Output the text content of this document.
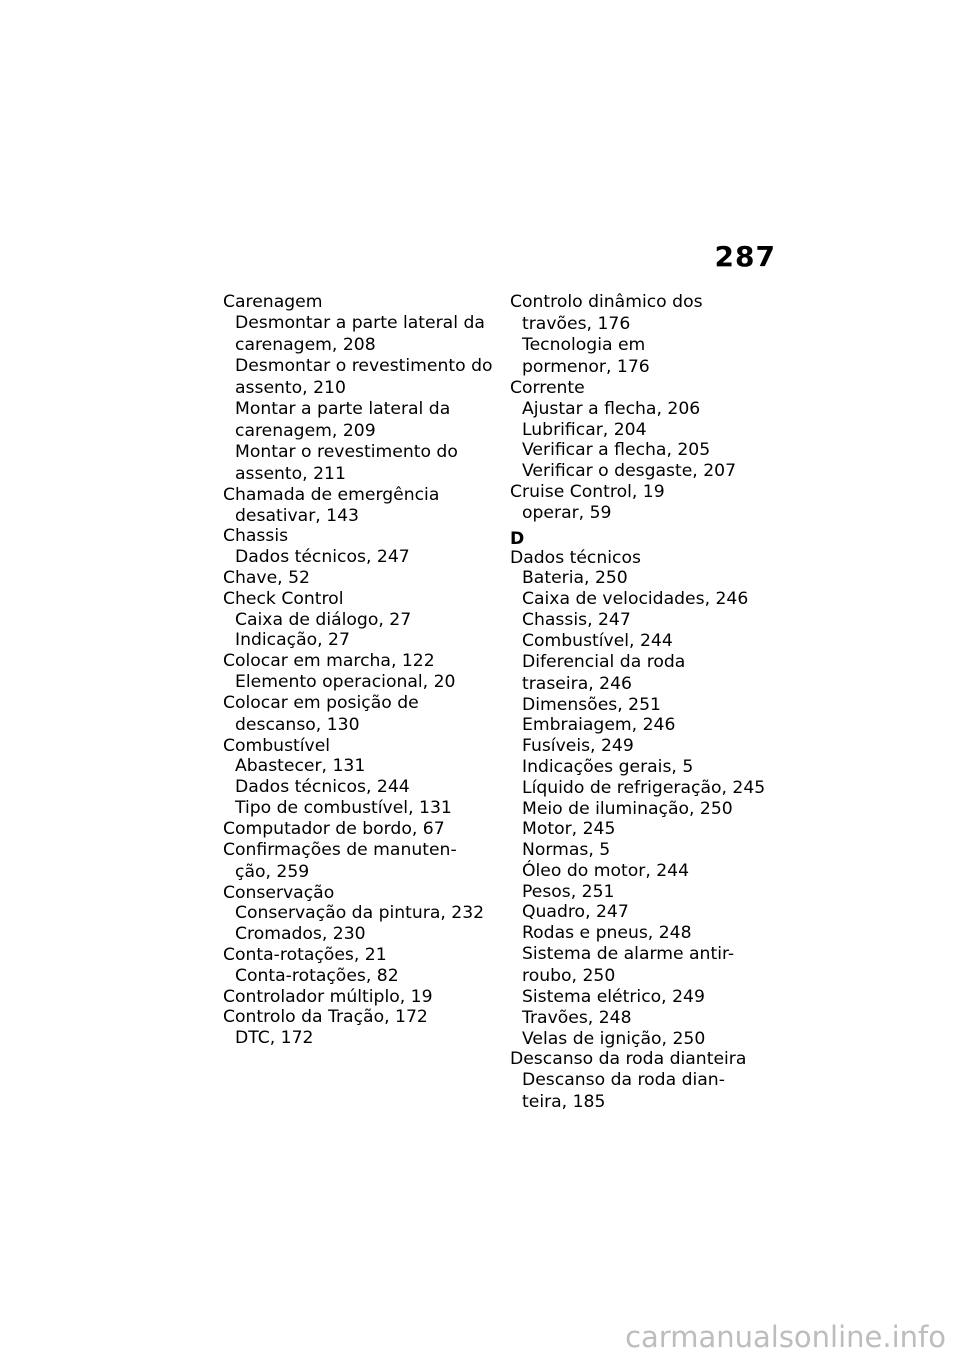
287
Carenagem
Desmontar a parte lateral da
carenagem, 208
Desmontar o revestimento do
assento, 210
Montar a parte lateral da
carenagem, 209
Montar o revestimento do
assento, 211
Chamada de emergência
desativar, 143
Chassis
Dados técnicos, 247
Chave, 52
Check Control
Caixa de diálogo, 27
Indicação, 27
Colocar em marcha, 122
Elemento operacional, 20
Colocar em posição de
descanso, 130
Combustível
Abastecer, 131
Dados técnicos, 244
Tipo de combustível, 131
Computador de bordo, 67
Confirmações de manuten-
ção, 259
Conservação
Conservação da pintura, 232
Cromados, 230
Conta-rotações, 21
Conta-rotações, 82
Controlador múltiplo, 19
Controlo da Tração, 172
DTC, 172
Controlo dinâmico dos
travões, 176
Tecnologia em
pormenor, 176
Corrente
Ajustar a flecha, 206
Lubrificar, 204
Verificar a flecha, 205
Verificar o desgaste, 207
Cruise Control, 19
operar, 59
D
Dados técnicos
Bateria, 250
Caixa de velocidades, 246
Chassis, 247
Combustível, 244
Diferencial da roda
traseira, 246
Dimensões, 251
Embraiagem, 246
Fusíveis, 249
Indicações gerais, 5
Líquido de refrigeração, 245
Meio de iluminação, 250
Motor, 245
Normas, 5
Óleo do motor, 244
Pesos, 251
Quadro, 247
Rodas e pneus, 248
Sistema de alarme antir-
roubo, 250
Sistema elétrico, 249
Travões, 248
Velas de ignição, 250
Descanso da roda dianteira
Descanso da roda dian-
teira, 185
carmanualsonline.info
